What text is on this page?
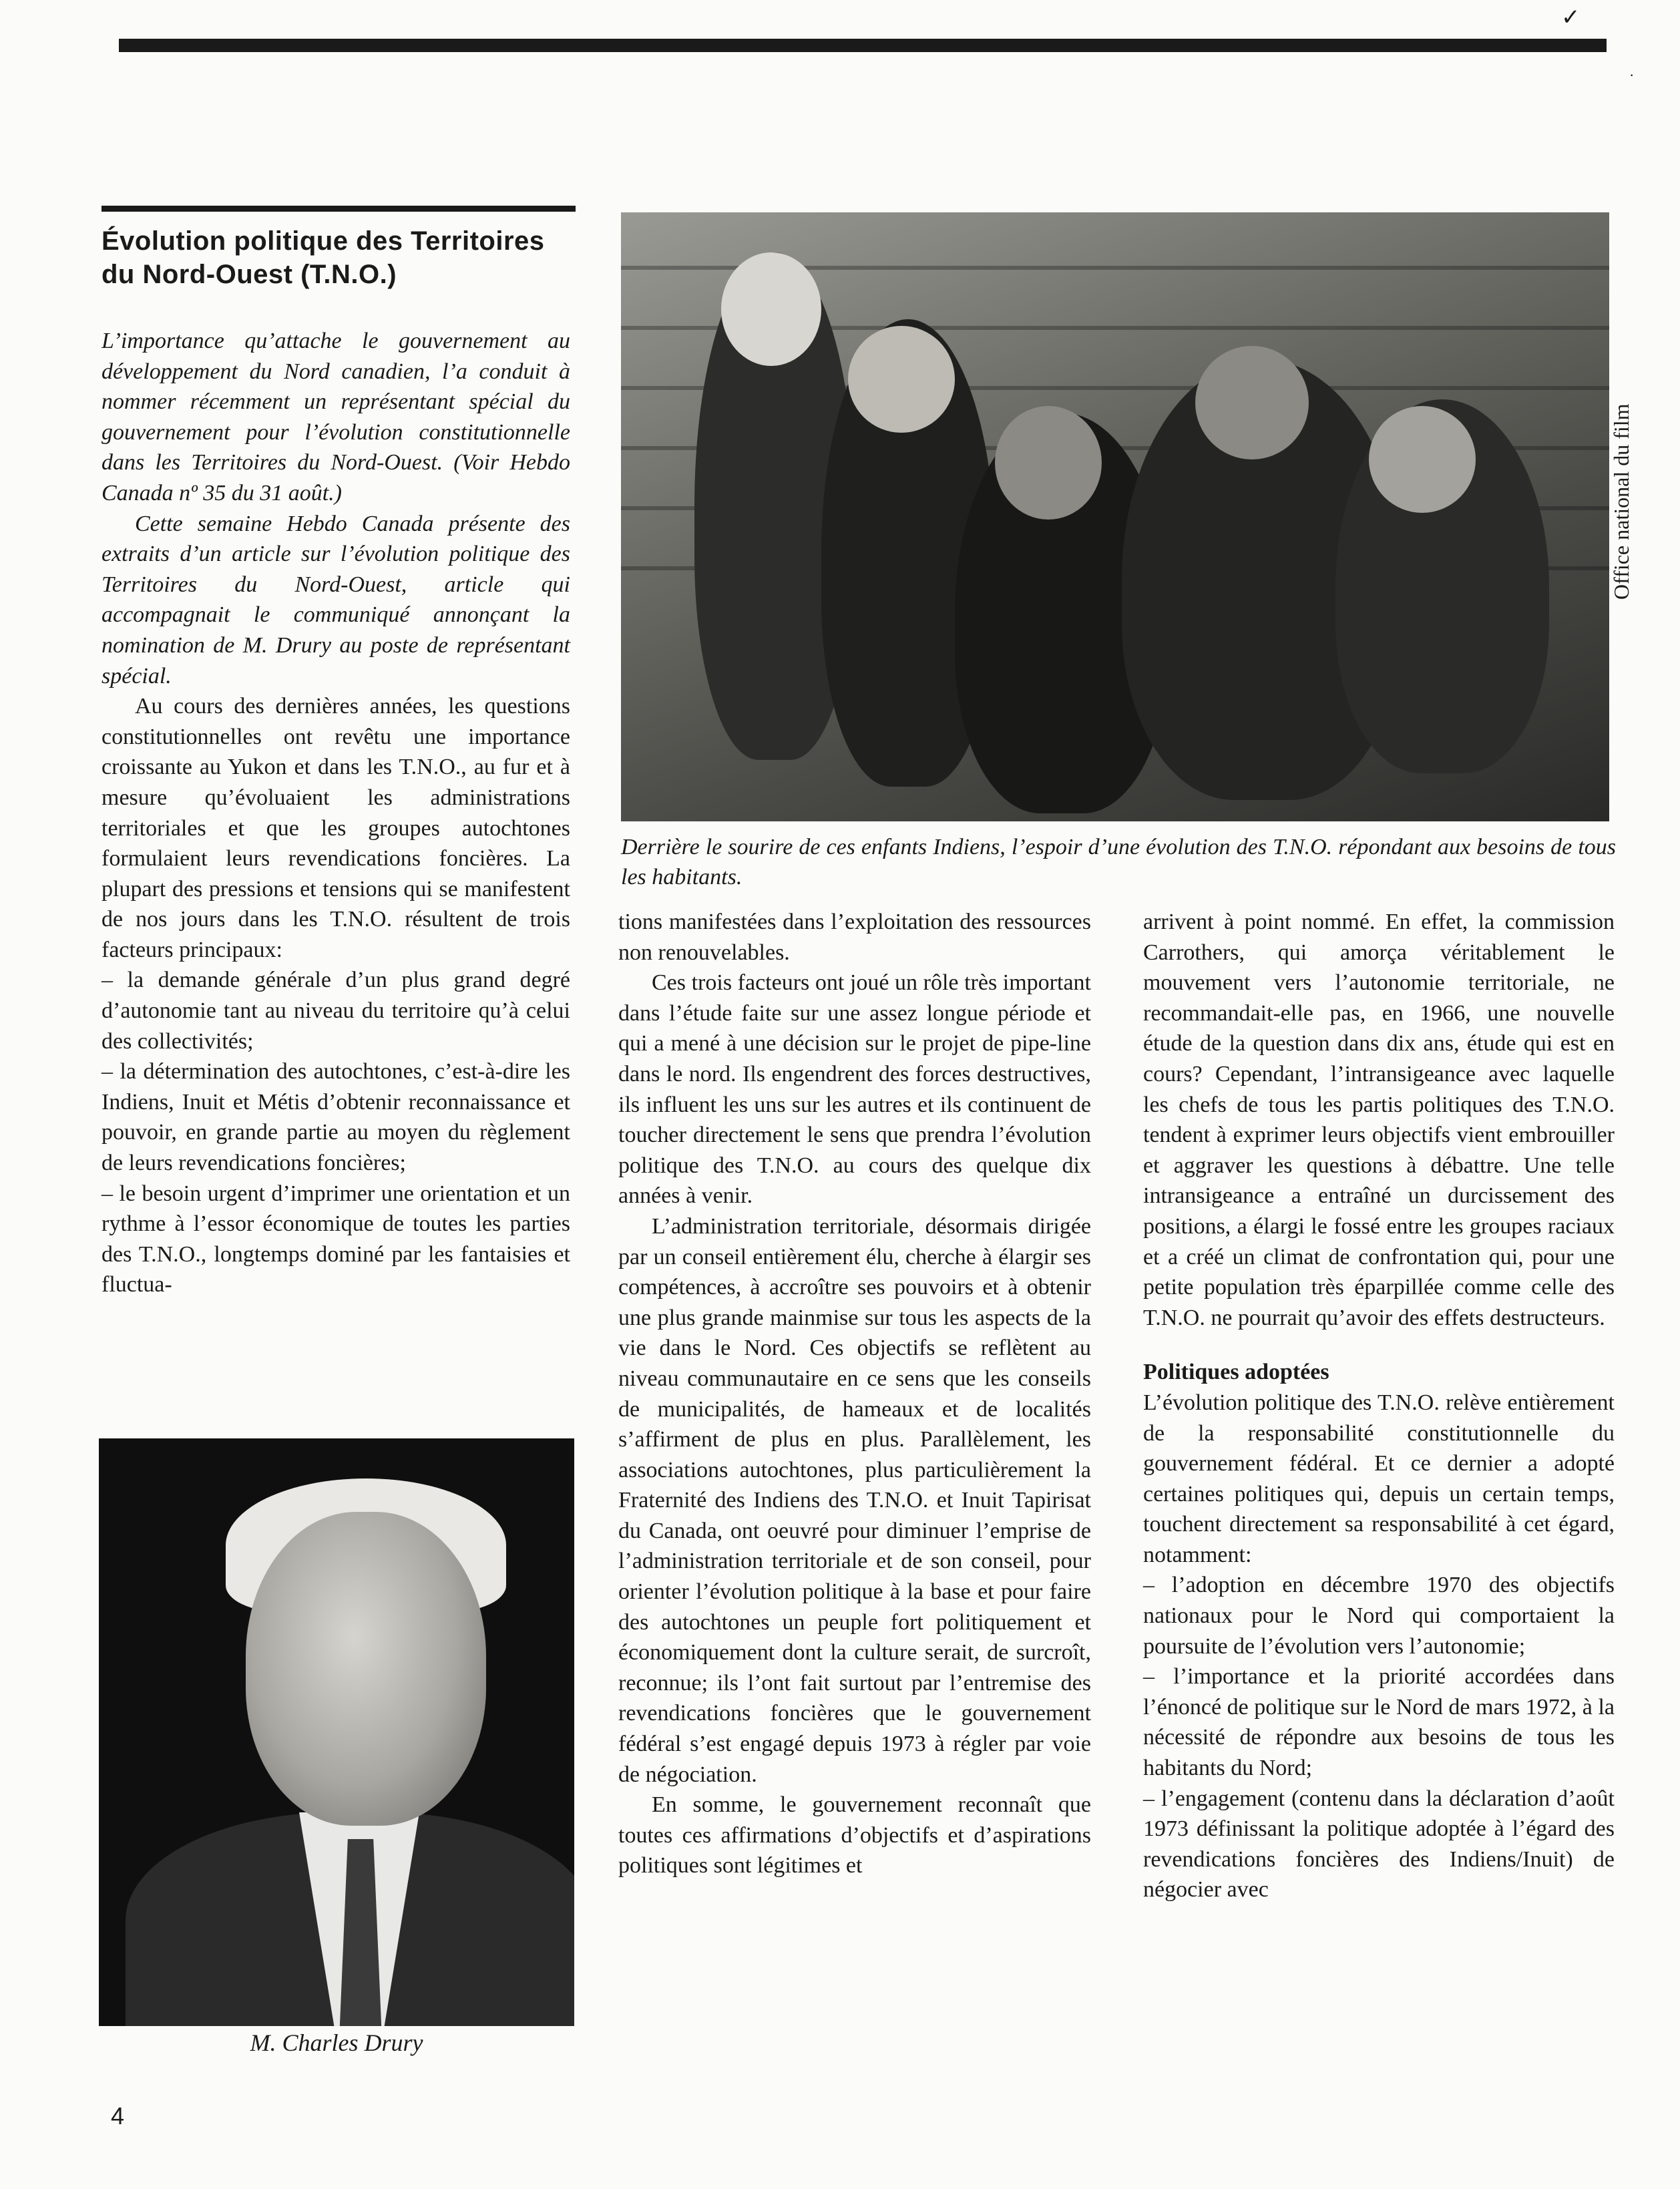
✓
·
Évolution politique des Territoires du Nord-Ouest (T.N.O.)

L’importance qu’attache le gouvernement au développement du Nord canadien, l’a conduit à nommer récemment un représentant spécial du gouvernement pour l’évolution constitutionnelle dans les Territoires du Nord-Ouest. (Voir Hebdo Canada nº 35 du 31 août.)

Cette semaine Hebdo Canada présente des extraits d’un article sur l’évolution politique des Territoires du Nord-Ouest, article qui accompagnait le communiqué annonçant la nomination de M. Drury au poste de représentant spécial.

Au cours des dernières années, les questions constitutionnelles ont revêtu une importance croissante au Yukon et dans les T.N.O., au fur et à mesure qu’évoluaient les administrations territoriales et que les groupes autochtones formulaient leurs revendications foncières. La plupart des pressions et tensions qui se manifestent de nos jours dans les T.N.O. résultent de trois facteurs principaux:

– la demande générale d’un plus grand degré d’autonomie tant au niveau du territoire qu’à celui des collectivités;

– la détermination des autochtones, c’est-à-dire les Indiens, Inuit et Métis d’obtenir reconnaissance et pouvoir, en grande partie au moyen du règlement de leurs revendications foncières;

– le besoin urgent d’imprimer une orientation et un rythme à l’essor économique de toutes les parties des T.N.O., longtemps dominé par les fantaisies et fluctua-

Derrière le sourire de ces enfants Indiens, l’espoir d’une évolution des T.N.O. répondant aux besoins de tous les habitants.
Office national du film
M. Charles Drury

tions manifestées dans l’exploitation des ressources non renouvelables.

Ces trois facteurs ont joué un rôle très important dans l’étude faite sur une assez longue période et qui a mené à une décision sur le projet de pipe-line dans le nord. Ils engendrent des forces destructives, ils influent les uns sur les autres et ils continuent de toucher directement le sens que prendra l’évolution politique des T.N.O. au cours des quelque dix années à venir.

L’administration territoriale, désormais dirigée par un conseil entièrement élu, cherche à élargir ses compétences, à accroître ses pouvoirs et à obtenir une plus grande mainmise sur tous les aspects de la vie dans le Nord. Ces objectifs se reflètent au niveau communautaire en ce sens que les conseils de municipalités, de hameaux et de localités s’affirment de plus en plus. Parallèlement, les associations autochtones, plus particulièrement la Fraternité des Indiens des T.N.O. et Inuit Tapirisat du Canada, ont oeuvré pour diminuer l’emprise de l’administration territoriale et de son conseil, pour orienter l’évolution politique à la base et pour faire des autochtones un peuple fort politiquement et économiquement dont la culture serait, de surcroît, reconnue; ils l’ont fait surtout par l’entremise des revendications foncières que le gouvernement fédéral s’est engagé depuis 1973 à régler par voie de négociation.

En somme, le gouvernement reconnaît que toutes ces affirmations d’objectifs et d’aspirations politiques sont légitimes et

arrivent à point nommé. En effet, la commission Carrothers, qui amorça véritablement le mouvement vers l’autonomie territoriale, ne recommandait-elle pas, en 1966, une nouvelle étude de la question dans dix ans, étude qui est en cours? Cependant, l’intransigeance avec laquelle les chefs de tous les partis politiques des T.N.O. tendent à exprimer leurs objectifs vient embrouiller et aggraver les questions à débattre. Une telle intransigeance a entraîné un durcissement des positions, a élargi le fossé entre les groupes raciaux et a créé un climat de confrontation qui, pour une petite population très éparpillée comme celle des T.N.O. ne pourrait qu’avoir des effets destructeurs.

Politiques adoptées

L’évolution politique des T.N.O. relève entièrement de la responsabilité constitutionnelle du gouvernement fédéral. Et ce dernier a adopté certaines politiques qui, depuis un certain temps, touchent directement sa responsabilité à cet égard, notamment:

– l’adoption en décembre 1970 des objectifs nationaux pour le Nord qui comportaient la poursuite de l’évolution vers l’autonomie;

– l’importance et la priorité accordées dans l’énoncé de politique sur le Nord de mars 1972, à la nécessité de répondre aux besoins de tous les habitants du Nord;

– l’engagement (contenu dans la déclaration d’août 1973 définissant la politique adoptée à l’égard des revendications foncières des Indiens/Inuit) de négocier avec

4
